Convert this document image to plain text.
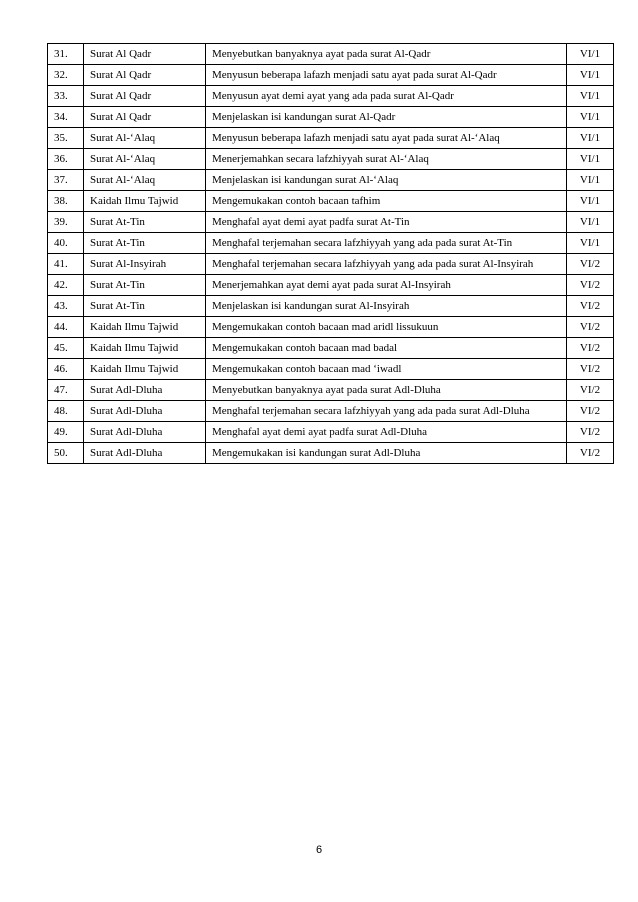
31.	Surat Al Qadr	Menyebutkan banyaknya ayat pada surat Al-Qadr	VI/1
32.	Surat Al Qadr	Menyusun beberapa lafazh menjadi satu ayat pada surat Al-Qadr	VI/1
33.	Surat Al Qadr	Menyusun ayat demi ayat yang ada pada surat Al-Qadr	VI/1
34.	Surat Al Qadr	Menjelaskan isi kandungan surat Al-Qadr	VI/1
35.	Surat Al-‘Alaq	Menyusun beberapa lafazh menjadi satu ayat pada surat Al-‘Alaq	VI/1
36.	Surat Al-‘Alaq	Menerjemahkan secara lafzhiyyah surat Al-‘Alaq	VI/1
37.	Surat Al-‘Alaq	Menjelaskan isi kandungan surat Al-‘Alaq	VI/1
38.	Kaidah Ilmu Tajwid	Mengemukakan contoh bacaan tafhim	VI/1
39.	Surat At-Tin	Menghafal ayat demi ayat padfa surat At-Tin	VI/1
40.	Surat At-Tin	Menghafal terjemahan secara lafzhiyyah yang ada pada surat At-Tin	VI/1
41.	Surat Al-Insyirah	Menghafal terjemahan secara lafzhiyyah yang ada pada surat Al-Insyirah	VI/2
42.	Surat At-Tin	Menerjemahkan ayat demi ayat pada surat Al-Insyirah	VI/2
43.	Surat At-Tin	Menjelaskan isi kandungan surat Al-Insyirah	VI/2
44.	Kaidah Ilmu Tajwid	Mengemukakan contoh bacaan mad aridl lissukuun	VI/2
45.	Kaidah Ilmu Tajwid	Mengemukakan contoh bacaan mad badal	VI/2
46.	Kaidah Ilmu Tajwid	Mengemukakan contoh bacaan mad ‘iwadl	VI/2
47.	Surat Adl-Dluha	Menyebutkan banyaknya ayat pada surat Adl-Dluha	VI/2
48.	Surat Adl-Dluha	Menghafal terjemahan secara lafzhiyyah yang ada pada surat Adl-Dluha	VI/2
49.	Surat Adl-Dluha	Menghafal ayat demi ayat padfa surat Adl-Dluha	VI/2
50.	Surat Adl-Dluha	Mengemukakan isi kandungan surat Adl-Dluha	VI/2
6
